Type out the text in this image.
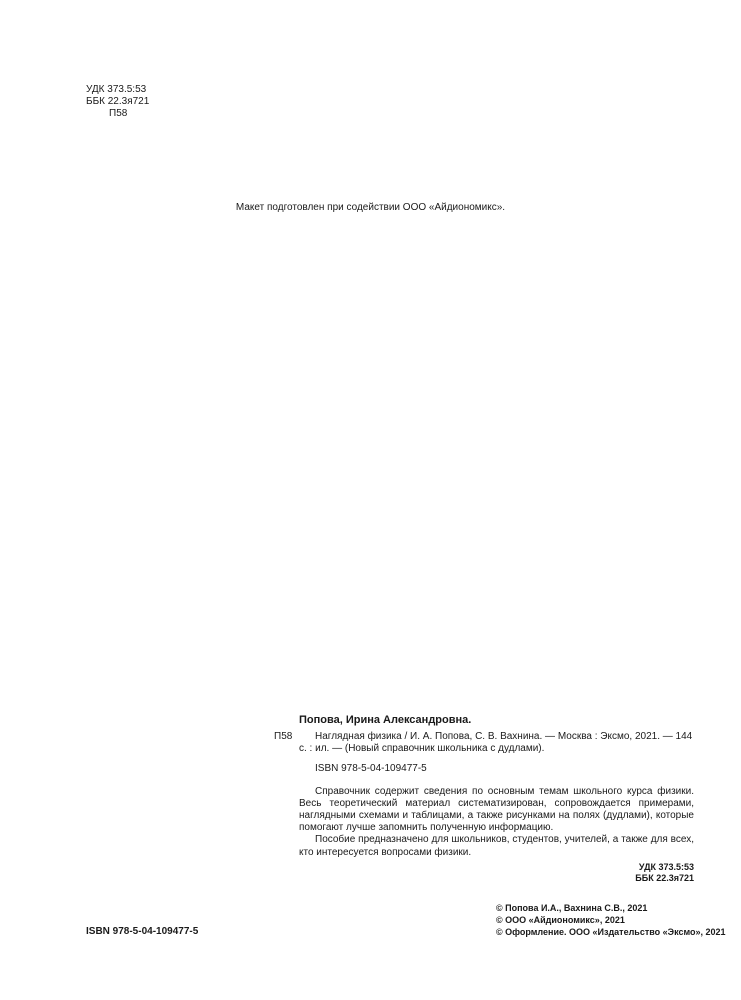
УДК 373.5:53
ББК 22.3я721
П58
Макет подготовлен при содействии ООО «Айдиономикс».
П58
Попова, Ирина Александровна.

Наглядная физика / И. А. Попова, С. В. Вахнина. — Москва : Эксмо, 2021. — 144 с. : ил. — (Новый справочник школьника с дудлами).

ISBN 978-5-04-109477-5

Справочник содержит сведения по основным темам школьного курса физики. Весь теоретический материал систематизирован, сопровождается примерами, наглядными схемами и таблицами, а также рисунками на полях (дудлами), которые помогают лучше запомнить полученную информацию.

Пособие предназначено для школьников, студентов, учителей, а также для всех, кто интересуется вопросами физики.

УДК 373.5:53
ББК 22.3я721
ISBN 978-5-04-109477-5
© Попова И.А., Вахнина С.В., 2021
© ООО «Айдиономикс», 2021
© Оформление. ООО «Издательство «Эксмо», 2021
